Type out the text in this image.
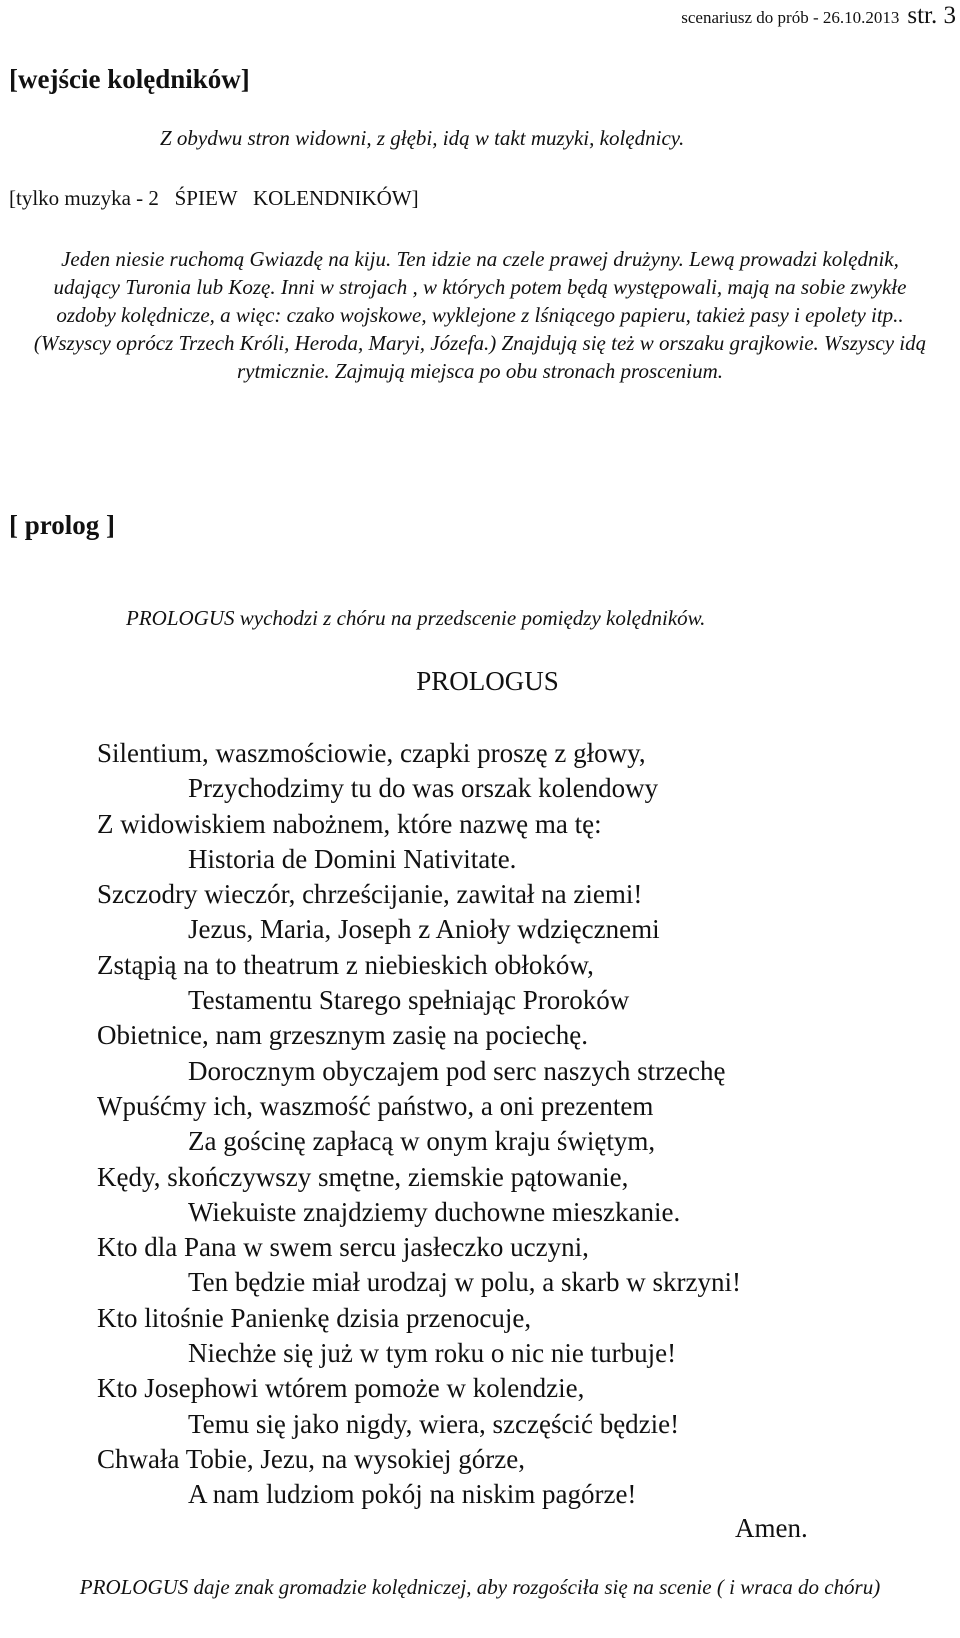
scenariusz do prób - 26.10.2013 str. 3
[wejście kolędników]
Z obydwu stron widowni, z głębi, idą w takt muzyki, kolędnicy.
[tylko muzyka - 2   ŚPIEW   KOLENDNIKÓW]
Jeden niesie ruchomą Gwiazdę na kiju. Ten idzie na czele prawej drużyny. Lewą prowadzi kolędnik, udający Turonia lub Kozę. Inni w strojach , w których potem będą występowali, mają na sobie zwykłe ozdoby kolędnicze, a więc: czako wojskowe, wyklejone z lśniącego papieru, takież pasy i epolety itp..(Wszyscy oprócz Trzech Króli, Heroda, Maryi, Józefa.) Znajdują się też w orszaku grajkowie. Wszyscy idą rytmicznie. Zajmują miejsca po obu stronach proscenium.
[ prolog ]
PROLOGUS wychodzi z chóru na przedscenie pomiędzy kolędników.
PROLOGUS
Silentium, waszmościowie, czapki proszę z głowy,
Przychodzimy tu do was orszak kolendowy
Z widowiskiem nabożnem, które nazwę ma tę:
Historia de Domini Nativitate.
Szczodry wieczór, chrześcijanie, zawitał na ziemi!
Jezus, Maria, Joseph z Anioły wdzięcznemi
Zstąpią na to theatrum z niebieskich obłoków,
Testamentu Starego spełniając Proroków
Obietnice, nam grzesznym zasię na pociechę.
Dorocznym obyczajem pod serc naszych strzechę
Wpuśćmy ich, waszmość państwo, a oni prezentem
Za gościnę zapłacą w onym kraju świętym,
Kędy, skończywszy smętne, ziemskie pątowanie,
Wiekuiste znajdziemy duchowne mieszkanie.
Kto dla Pana w swem sercu jasłeczko uczyni,
Ten będzie miał urodzaj w polu, a skarb w skrzyni!
Kto litośnie Panienkę dzisia przenocuje,
Niechże się już w tym roku o nic nie turbuje!
Kto Josephowi wtórem pomoże w kolendzie,
Temu się jako nigdy, wiera, szczęścić będzie!
Chwała Tobie, Jezu, na wysokiej górze,
A nam ludziom pokój na niskim pagórze!
Amen.
PROLOGUS daje znak gromadzie kolędniczej, aby rozgościła się na scenie ( i wraca do chóru)
